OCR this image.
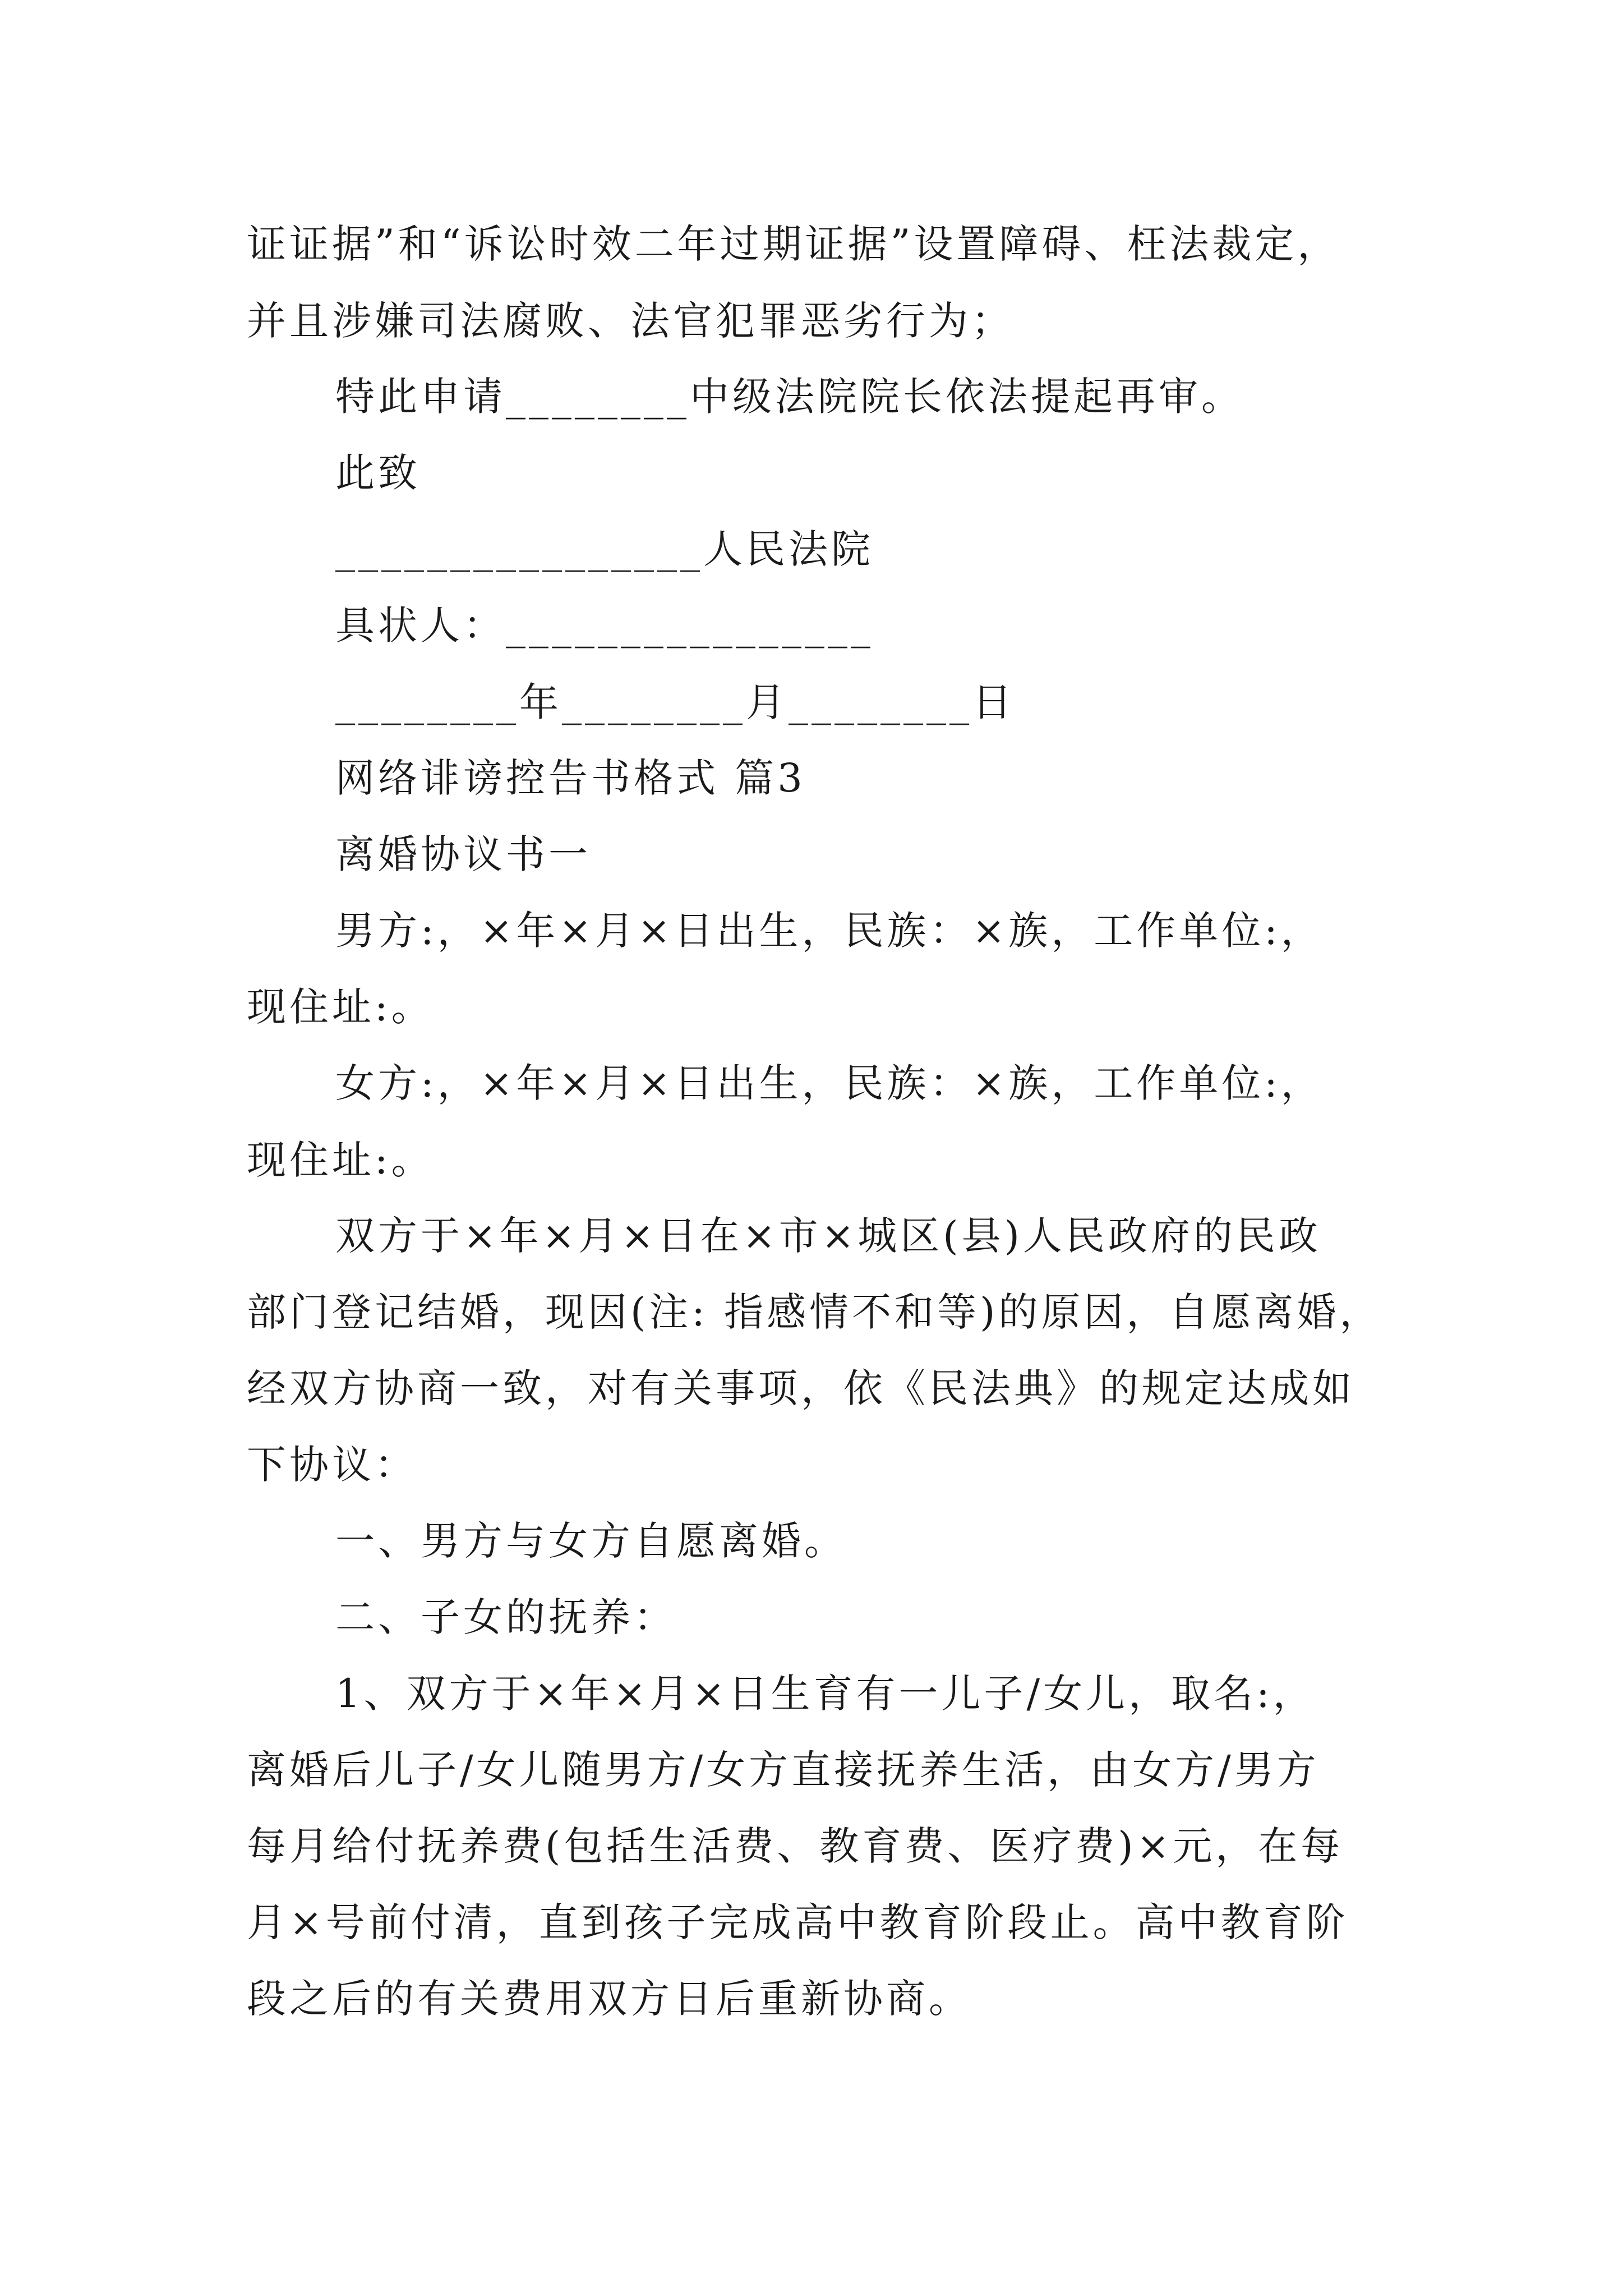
证证据”和“诉讼时效二年过期证据”设置障碍、枉法裁定，
并且涉嫌司法腐败、法官犯罪恶劣行为；
特此申请________中级法院院长依法提起再审。
此致
________________人民法院
具状人：________________
________年________月________日
网络诽谤控告书格式 篇3
离婚协议书一
男方:，×年×月×日出生，民族：×族，工作单位:，
现住址:。
女方:，×年×月×日出生，民族：×族，工作单位:，
现住址:。
双方于×年×月×日在×市×城区(县)人民政府的民政
部门登记结婚，现因(注: 指感情不和等)的原因，自愿离婚，
经双方协商一致，对有关事项，依《民法典》的规定达成如
下协议：
一、男方与女方自愿离婚。
二、子女的抚养：
1、双方于×年×月×日生育有一儿子/女儿，取名:，
离婚后儿子/女儿随男方/女方直接抚养生活，由女方/男方
每月给付抚养费(包括生活费、教育费、医疗费)×元，在每
月×号前付清，直到孩子完成高中教育阶段止。高中教育阶
段之后的有关费用双方日后重新协商。
